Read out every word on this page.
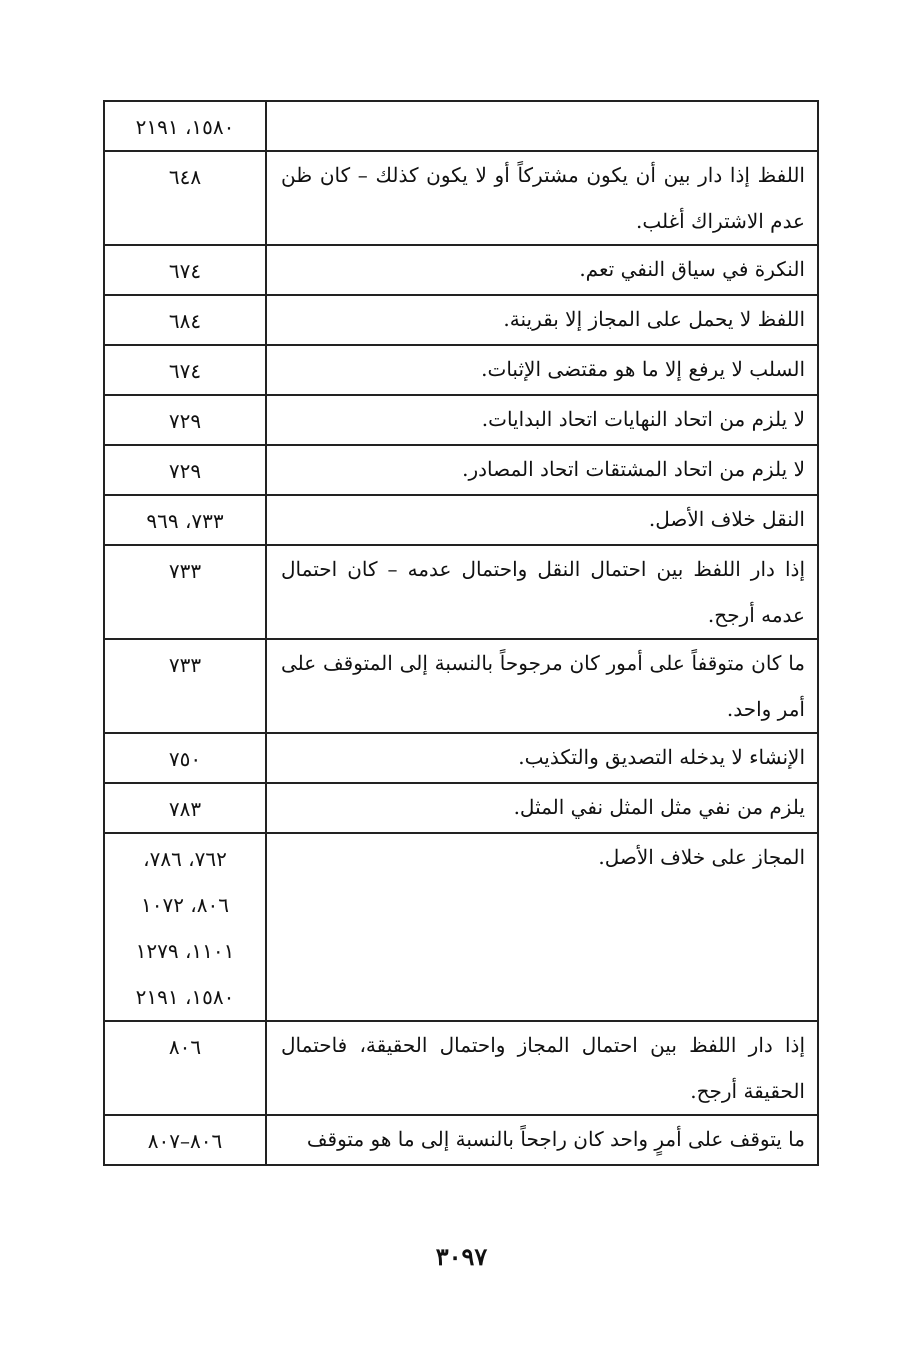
	١٥٨٠، ٢١٩١

اللفظ إذا دار بين أن يكون مشتركاً أو لا يكون كذلك – كان ظن عدم الاشتراك أغلب.	٦٤٨

النكرة في سياق النفي تعم.	٦٧٤

اللفظ لا يحمل على المجاز إلا بقرينة.	٦٨٤

السلب لا يرفع إلا ما هو مقتضى الإثبات.	٦٧٤

لا يلزم من اتحاد النهايات اتحاد البدايات.	٧٢٩

لا يلزم من اتحاد المشتقات اتحاد المصادر.	٧٢٩

النقل خلاف الأصل.	٧٣٣، ٩٦٩

إذا دار اللفظ بين احتمال النقل واحتمال عدمه – كان احتمال عدمه أرجح.	٧٣٣

ما كان متوقفاً على أمور كان مرجوحاً بالنسبة إلى المتوقف على أمر واحد.	٧٣٣

الإنشاء لا يدخله التصديق والتكذيب.	٧٥٠

يلزم من نفي مثل المثل نفي المثل.	٧٨٣

المجاز على خلاف الأصل.	٧٦٢، ٧٨٦،
٨٠٦، ١٠٧٢
١١٠١، ١٢٧٩
١٥٨٠، ٢١٩١

إذا دار اللفظ بين احتمال المجاز واحتمال الحقيقة، فاحتمال الحقيقة أرجح.	٨٠٦

ما يتوقف على أمرٍ واحد كان راجحاً بالنسبة إلى ما هو متوقف	٨٠٦–٨٠٧
٣٠٩٧
